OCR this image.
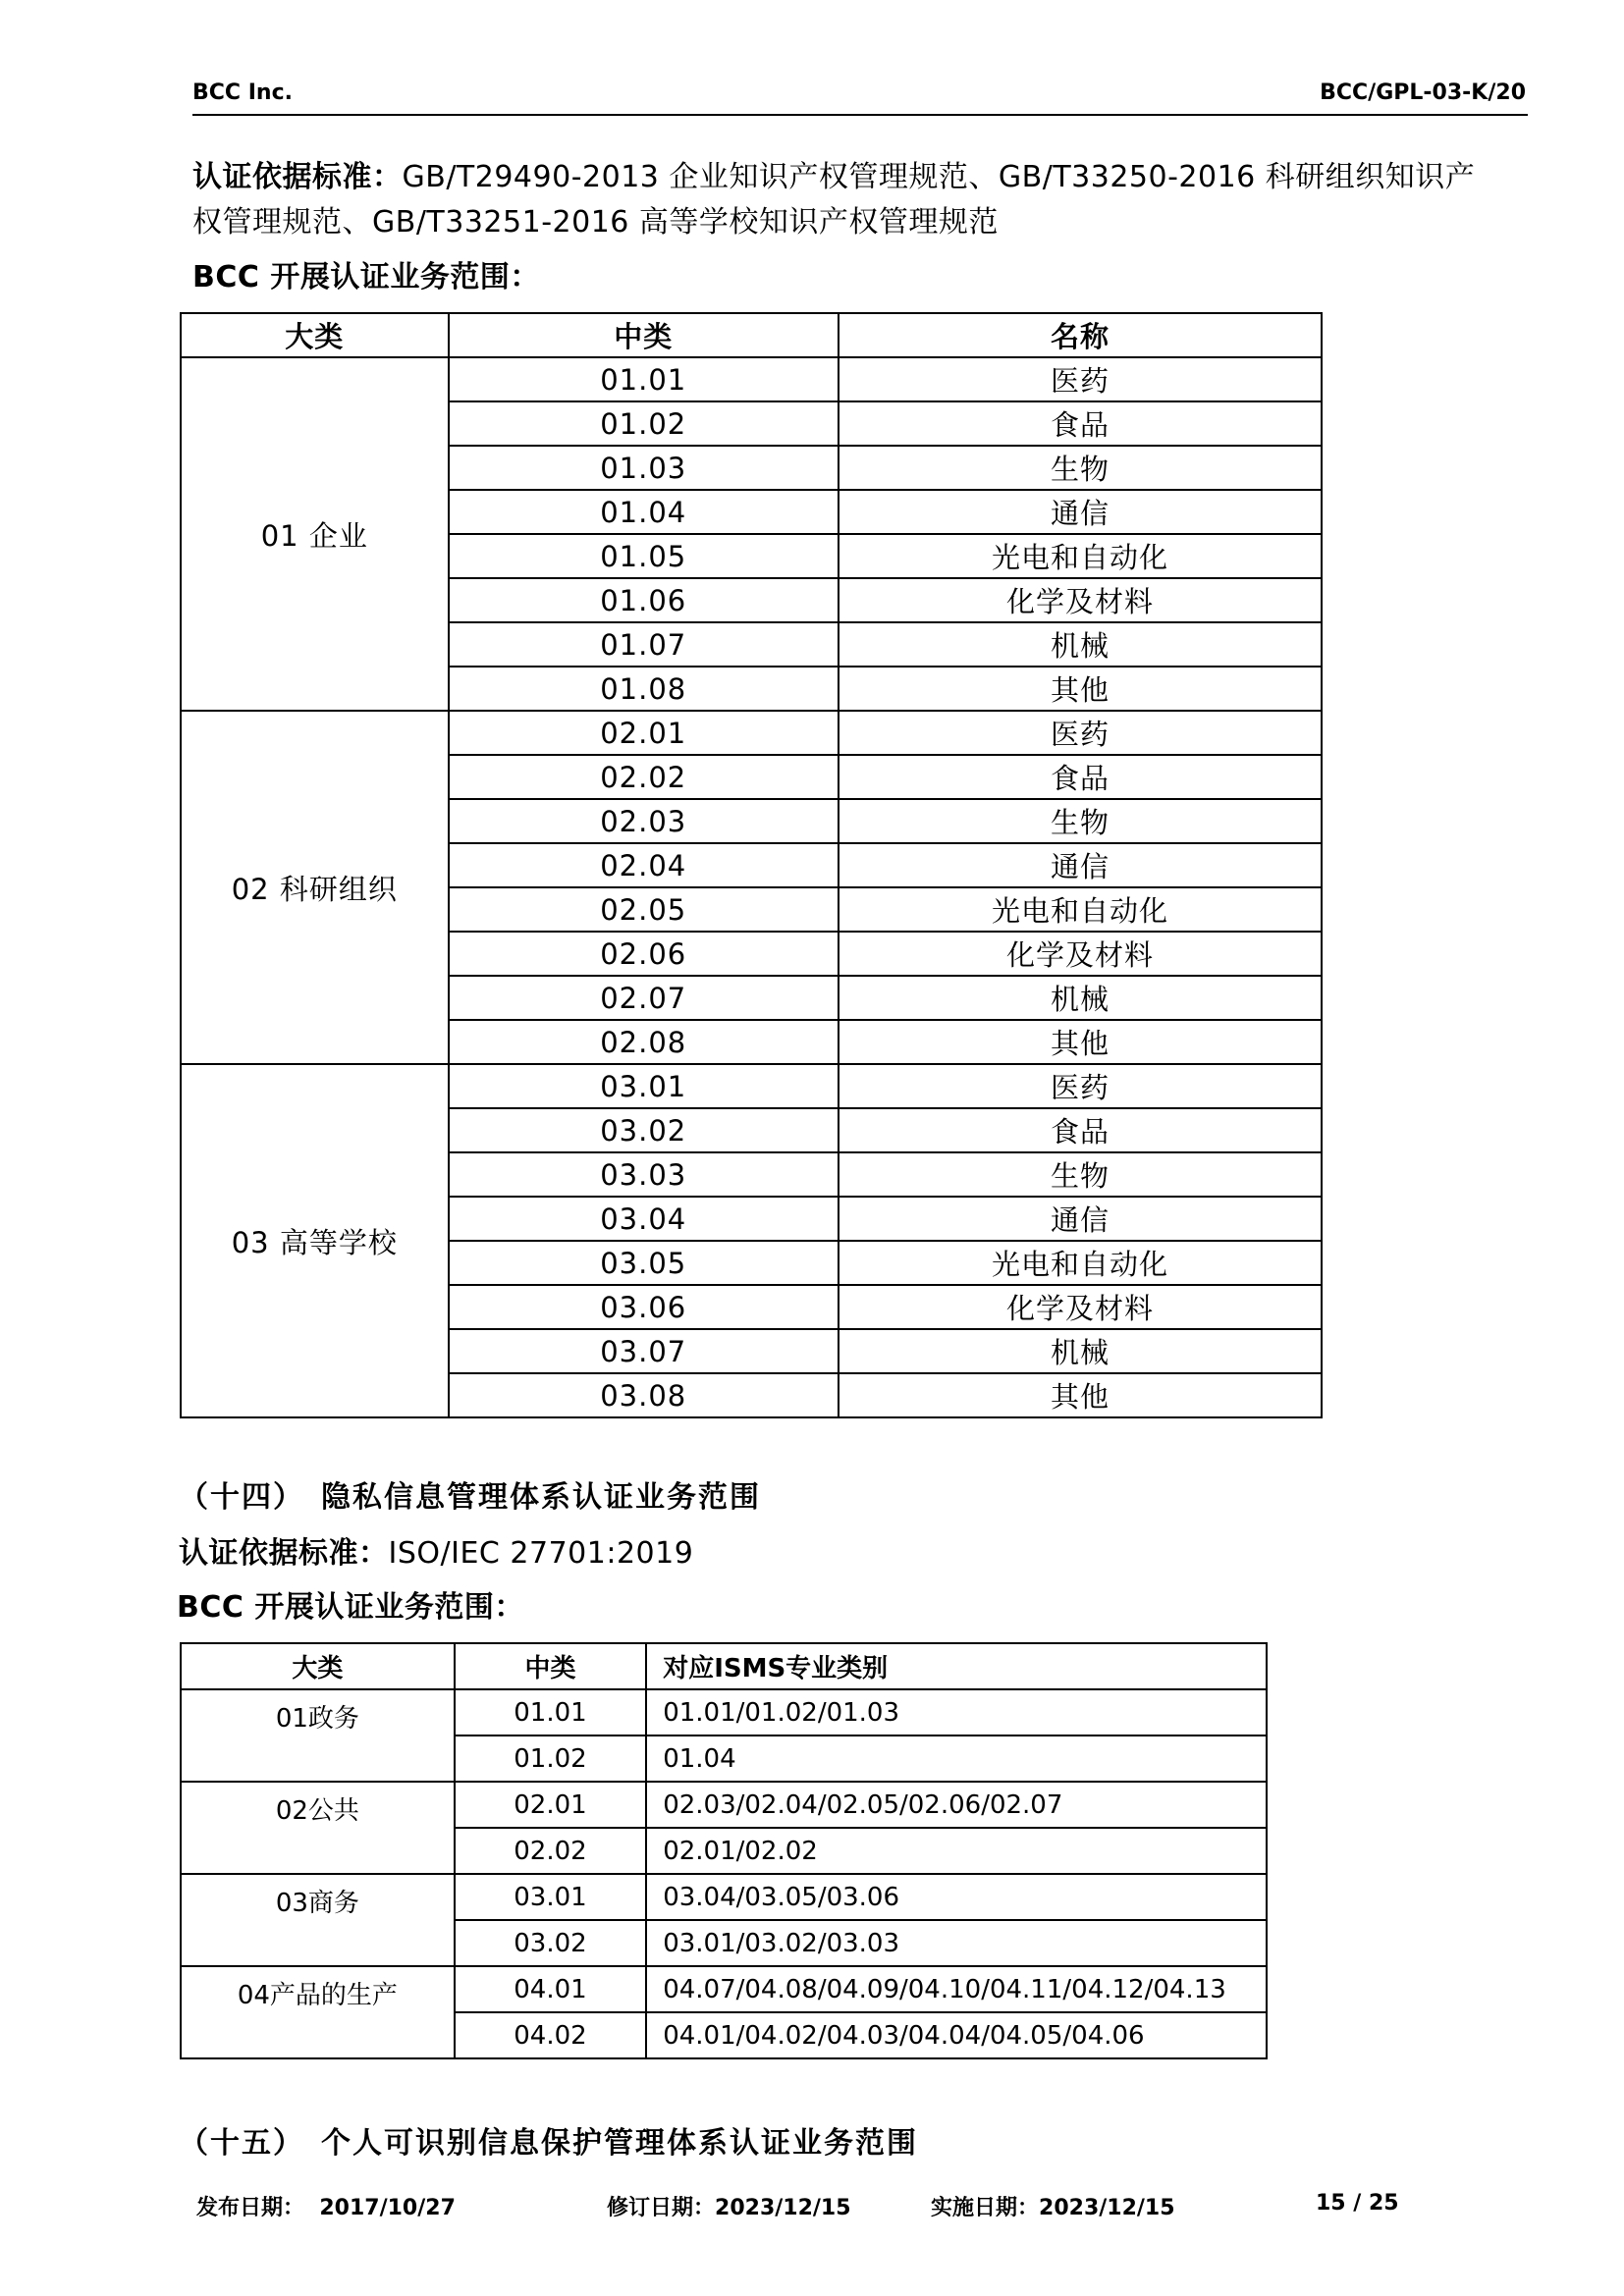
BCC Inc.	BCC/GPL-03-K/20
认证依据标准：GB/T29490-2013 企业知识产权管理规范、GB/T33250-2016 科研组织知识产
权管理规范、GB/T33251-2016 高等学校知识产权管理规范
BCC 开展认证业务范围：
大类	中类	名称
01 企业	01.01	医药
	01.02	食品
	01.03	生物
	01.04	通信
	01.05	光电和自动化
	01.06	化学及材料
	01.07	机械
	01.08	其他
02 科研组织	02.01	医药
	02.02	食品
	02.03	生物
	02.04	通信
	02.05	光电和自动化
	02.06	化学及材料
	02.07	机械
	02.08	其他
03 高等学校	03.01	医药
	03.02	食品
	03.03	生物
	03.04	通信
	03.05	光电和自动化
	03.06	化学及材料
	03.07	机械
	03.08	其他
（十四）　隐私信息管理体系认证业务范围
认证依据标准：ISO/IEC 27701:2019
BCC 开展认证业务范围：
大类	中类	对应ISMS专业类别
01政务	01.01	01.01/01.02/01.03
	01.02	01.04
02公共	02.01	02.03/02.04/02.05/02.06/02.07
	02.02	02.01/02.02
03商务	03.01	03.04/03.05/03.06
	03.02	03.01/03.02/03.03
04产品的生产	04.01	04.07/04.08/04.09/04.10/04.11/04.12/04.13
	04.02	04.01/04.02/04.03/04.04/04.05/04.06
（十五）　个人可识别信息保护管理体系认证业务范围
发布日期： 2017/10/27	修订日期：2023/12/15	实施日期：2023/12/15	15 / 25
